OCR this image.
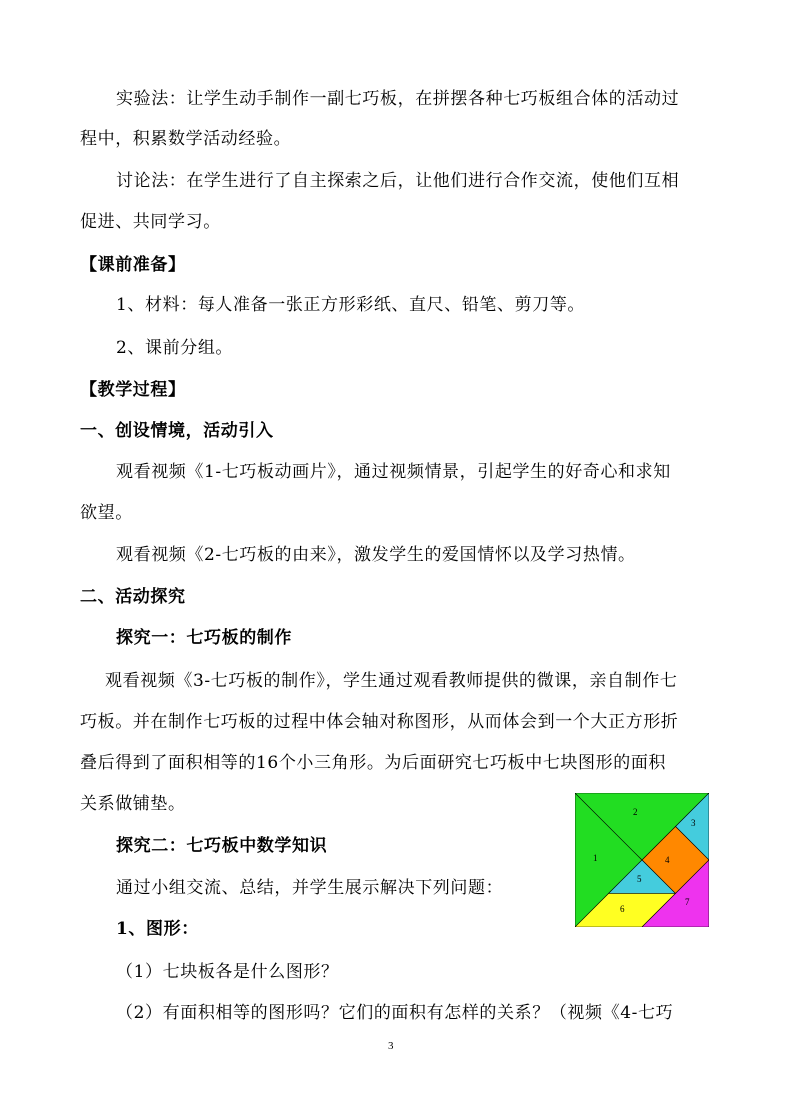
实验法：让学生动手制作一副七巧板，在拼摆各种七巧板组合体的活动过
程中，积累数学活动经验。
讨论法：在学生进行了自主探索之后，让他们进行合作交流，使他们互相
促进、共同学习。
【课前准备】
1、材料：每人准备一张正方形彩纸、直尺、铅笔、剪刀等。
2、课前分组。
【教学过程】
一、创设情境，活动引入
观看视频《1-七巧板动画片》，通过视频情景，引起学生的好奇心和求知
欲望。
观看视频《2-七巧板的由来》，激发学生的爱国情怀以及学习热情。
二、活动探究
探究一：七巧板的制作
观看视频《3-七巧板的制作》，学生通过观看教师提供的微课，亲自制作七
巧板。并在制作七巧板的过程中体会轴对称图形，从而体会到一个大正方形折
叠后得到了面积相等的16个小三角形。为后面研究七巧板中七块图形的面积
关系做铺垫。
探究二：七巧板中数学知识
通过小组交流、总结，并学生展示解决下列问题：
1、图形：
（1）七块板各是什么图形？
（2）有面积相等的图形吗？它们的面积有怎样的关系？（视频《4-七巧
1
2
3
4
5
6
7
3
